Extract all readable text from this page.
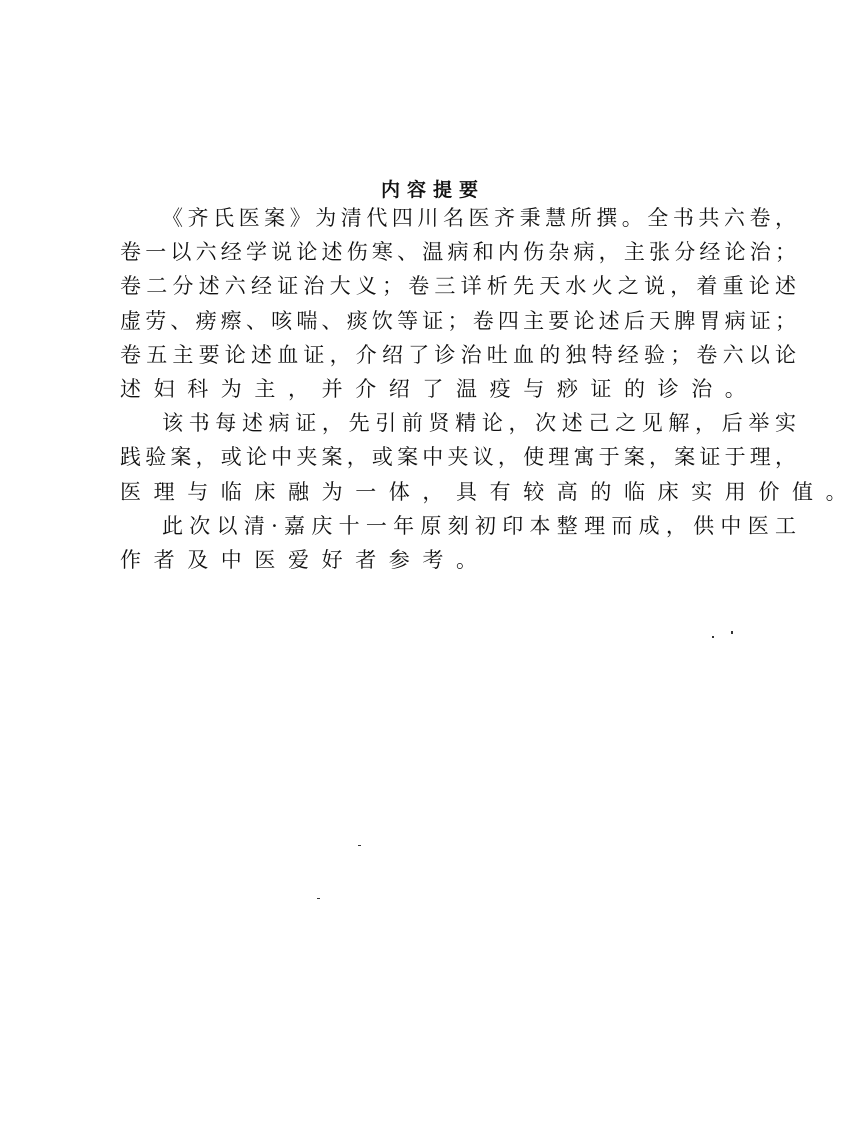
内容提要
《齐氏医案》为清代四川名医齐秉慧所撰。全书共六卷，
卷一以六经学说论述伤寒、温病和内伤杂病，主张分经论治；
卷二分述六经证治大义；卷三详析先天水火之说，着重论述
虚劳、痨瘵、咳喘、痰饮等证；卷四主要论述后天脾胃病证；
卷五主要论述血证，介绍了诊治吐血的独特经验；卷六以论
述妇科为主，并介绍了温疫与痧证的诊治。
该书每述病证，先引前贤精论，次述己之见解，后举实
践验案，或论中夹案，或案中夹议，使理寓于案，案证于理，
医理与临床融为一体，具有较高的临床实用价值。
此次以清·嘉庆十一年原刻初印本整理而成，供中医工
作者及中医爱好者参考。
